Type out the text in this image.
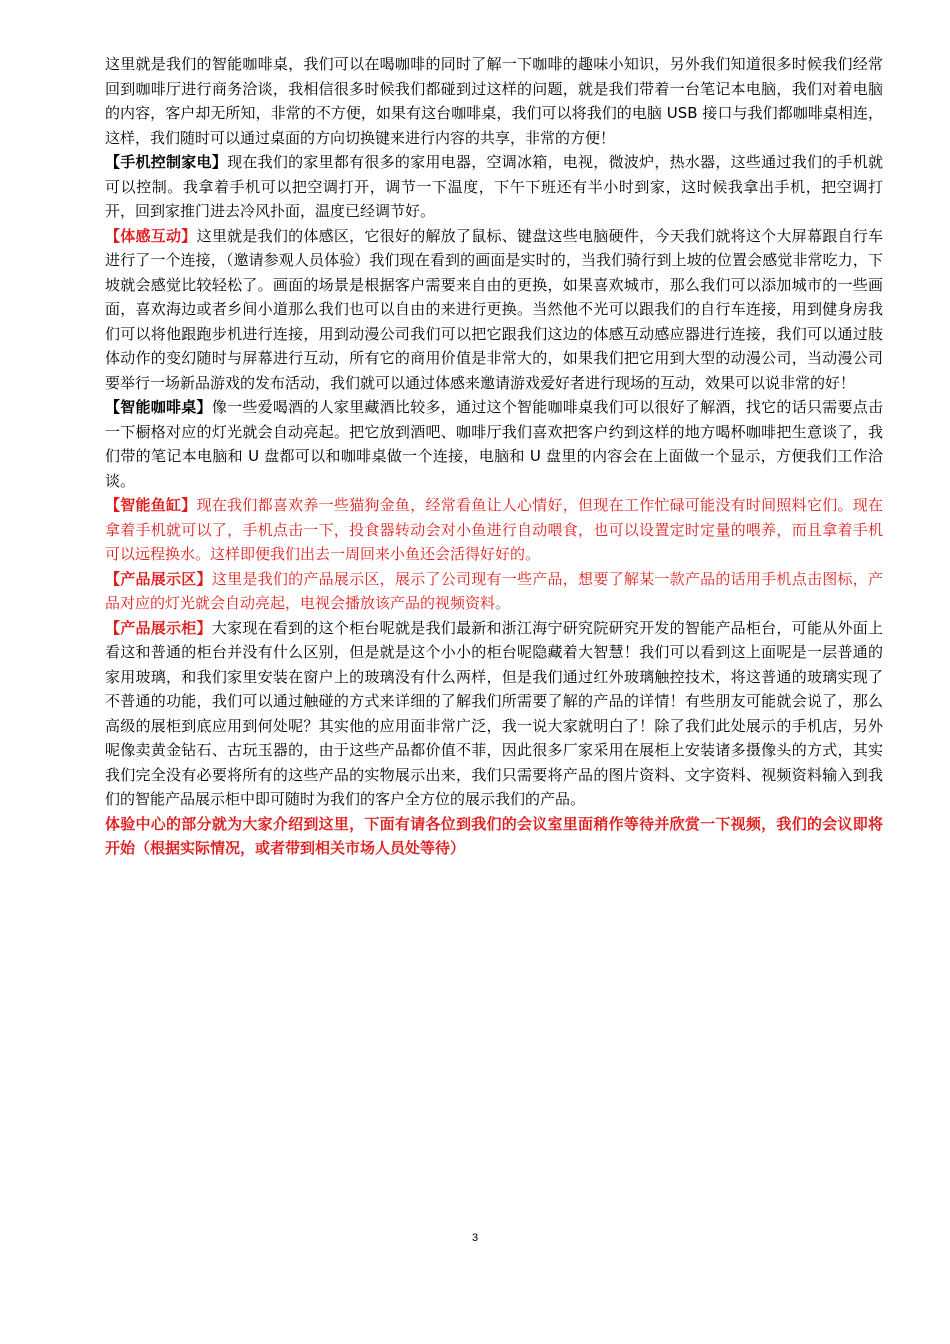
这里就是我们的智能咖啡桌，我们可以在喝咖啡的同时了解一下咖啡的趣味小知识，另外我们知道很多时候我们经常回到咖啡厅进行商务洽谈，我相信很多时候我们都碰到过这样的问题，就是我们带着一台笔记本电脑，我们对着电脑的内容，客户却无所知，非常的不方便，如果有这台咖啡桌，我们可以将我们的电脑 USB 接口与我们都咖啡桌相连，这样，我们随时可以通过桌面的方向切换键来进行内容的共享，非常的方便！

【手机控制家电】现在我们的家里都有很多的家用电器，空调冰箱，电视，微波炉，热水器，这些通过我们的手机就可以控制。我拿着手机可以把空调打开，调节一下温度，下午下班还有半小时到家，这时候我拿出手机，把空调打开，回到家推门进去冷风扑面，温度已经调节好。

【体感互动】这里就是我们的体感区，它很好的解放了鼠标、键盘这些电脑硬件，今天我们就将这个大屏幕跟自行车进行了一个连接，（邀请参观人员体验）我们现在看到的画面是实时的，当我们骑行到上坡的位置会感觉非常吃力，下坡就会感觉比较轻松了。画面的场景是根据客户需要来自由的更换，如果喜欢城市，那么我们可以添加城市的一些画面，喜欢海边或者乡间小道那么我们也可以自由的来进行更换。当然他不光可以跟我们的自行车连接，用到健身房我们可以将他跟跑步机进行连接，用到动漫公司我们可以把它跟我们这边的体感互动感应器进行连接，我们可以通过肢体动作的变幻随时与屏幕进行互动，所有它的商用价值是非常大的，如果我们把它用到大型的动漫公司，当动漫公司要举行一场新品游戏的发布活动，我们就可以通过体感来邀请游戏爱好者进行现场的互动，效果可以说非常的好！

【智能咖啡桌】像一些爱喝酒的人家里藏酒比较多，通过这个智能咖啡桌我们可以很好了解酒，找它的话只需要点击一下橱格对应的灯光就会自动亮起。把它放到酒吧、咖啡厅我们喜欢把客户约到这样的地方喝杯咖啡把生意谈了，我们带的笔记本电脑和 U 盘都可以和咖啡桌做一个连接，电脑和 U 盘里的内容会在上面做一个显示，方便我们工作洽谈。

【智能鱼缸】现在我们都喜欢养一些猫狗金鱼，经常看鱼让人心情好，但现在工作忙碌可能没有时间照料它们。现在拿着手机就可以了，手机点击一下，投食器转动会对小鱼进行自动喂食，也可以设置定时定量的喂养，而且拿着手机可以远程换水。这样即便我们出去一周回来小鱼还会活得好好的。

【产品展示区】这里是我们的产品展示区，展示了公司现有一些产品，想要了解某一款产品的话用手机点击图标，产品对应的灯光就会自动亮起，电视会播放该产品的视频资料。

【产品展示柜】大家现在看到的这个柜台呢就是我们最新和浙江海宁研究院研究开发的智能产品柜台，可能从外面上看这和普通的柜台并没有什么区别，但是就是这个小小的柜台呢隐藏着大智慧！我们可以看到这上面呢是一层普通的家用玻璃，和我们家里安装在窗户上的玻璃没有什么两样，但是我们通过红外玻璃触控技术，将这普通的玻璃实现了不普通的功能，我们可以通过触碰的方式来详细的了解我们所需要了解的产品的详情！有些朋友可能就会说了，那么高级的展柜到底应用到何处呢？其实他的应用面非常广泛，我一说大家就明白了！除了我们此处展示的手机店，另外呢像卖黄金钻石、古玩玉器的，由于这些产品都价值不菲，因此很多厂家采用在展柜上安装诸多摄像头的方式，其实我们完全没有必要将所有的这些产品的实物展示出来，我们只需要将产品的图片资料、文字资料、视频资料输入到我们的智能产品展示柜中即可随时为我们的客户全方位的展示我们的产品。

体验中心的部分就为大家介绍到这里，下面有请各位到我们的会议室里面稍作等待并欣赏一下视频，我们的会议即将开始（根据实际情况，或者带到相关市场人员处等待）

3
